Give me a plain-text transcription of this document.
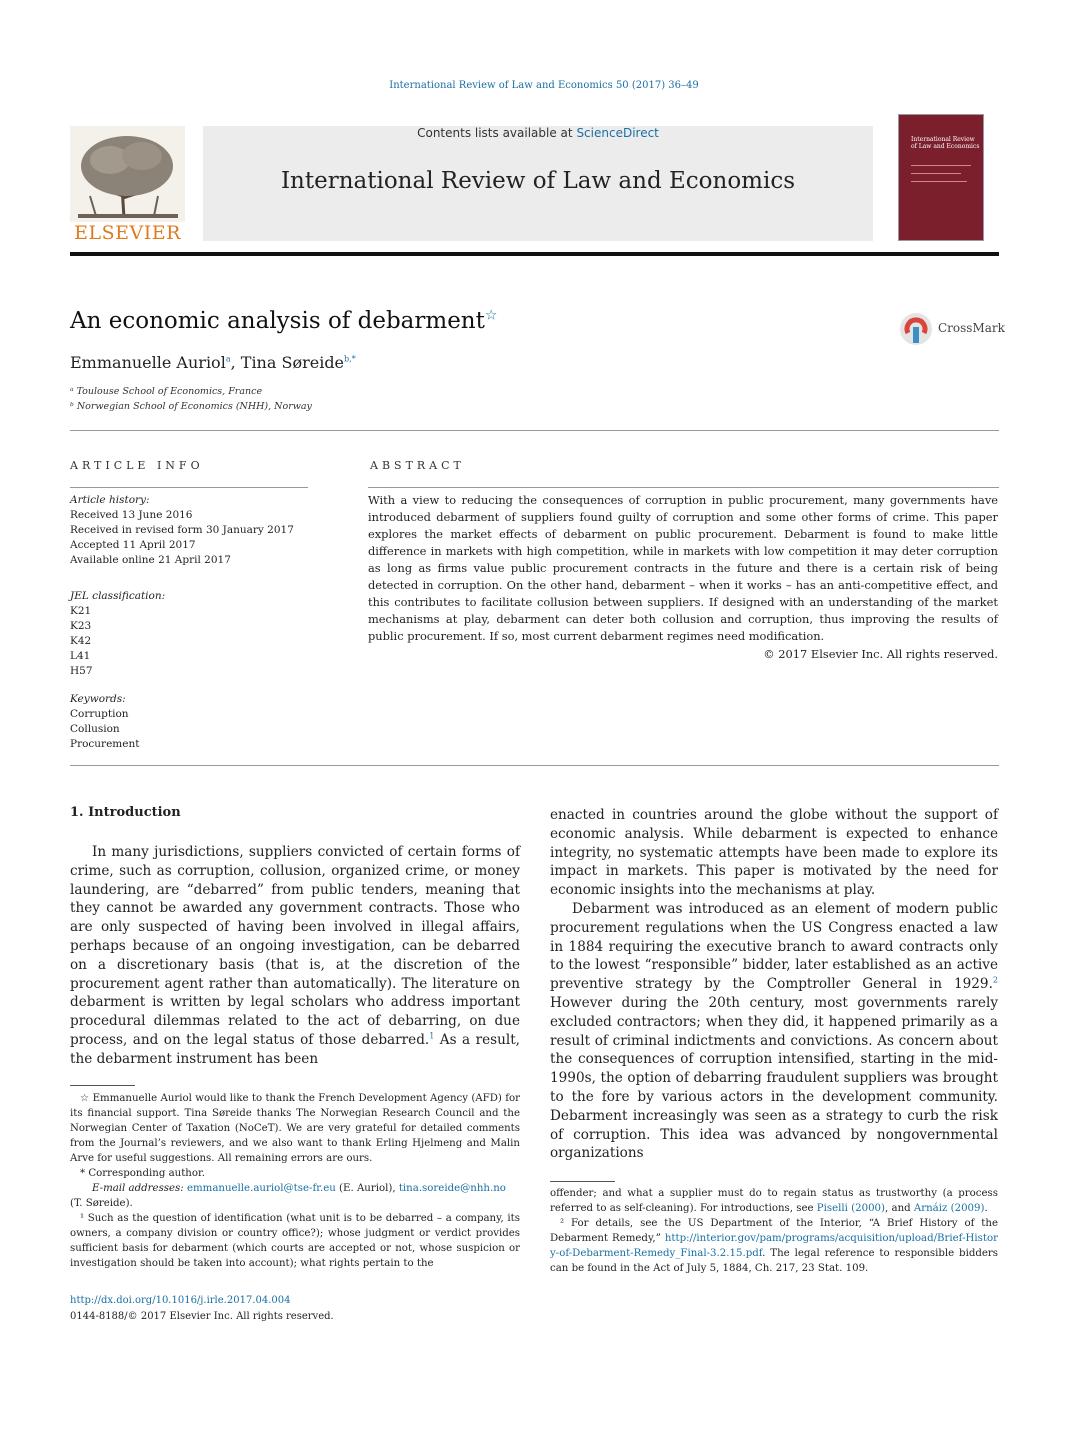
International Review of Law and Economics 50 (2017) 36–49
ELSEVIER
Contents lists available at ScienceDirect
International Review of Law and Economics
International Review of Law and Economics
An economic analysis of debarment☆
CrossMark
Emmanuelle Auriol$^a$, Tina Søreide$^{b,*}$
ᵃ Toulouse School of Economics, France
ᵇ Norwegian School of Economics (NHH), Norway
ARTICLE INFO
Article history:
Received 13 June 2016
Received in revised form 30 January 2017
Accepted 11 April 2017
Available online 21 April 2017
JEL classification:
K21
K23
K42
L41
H57
Keywords:
Corruption
Collusion
Procurement
ABSTRACT
With a view to reducing the consequences of corruption in public procurement, many governments have introduced debarment of suppliers found guilty of corruption and some other forms of crime. This paper explores the market effects of debarment on public procurement. Debarment is found to make little difference in markets with high competition, while in markets with low competition it may deter corruption as long as firms value public procurement contracts in the future and there is a certain risk of being detected in corruption. On the other hand, debarment – when it works – has an anti-competitive effect, and this contributes to facilitate collusion between suppliers. If designed with an understanding of the market mechanisms at play, debarment can deter both collusion and corruption, thus improving the results of public procurement. If so, most current debarment regimes need modification.
© 2017 Elsevier Inc. All rights reserved.
1. Introduction

In many jurisdictions, suppliers convicted of certain forms of crime, such as corruption, collusion, organized crime, or money laundering, are “debarred” from public tenders, meaning that they cannot be awarded any government contracts. Those who are only suspected of having been involved in illegal affairs, perhaps because of an ongoing investigation, can be debarred on a discretionary basis (that is, at the discretion of the procurement agent rather than automatically). The literature on debarment is written by legal scholars who address important procedural dilemmas related to the act of debarring, on due process, and on the legal status of those debarred.$^1$ As a result, the debarment instrument has been

enacted in countries around the globe without the support of economic analysis. While debarment is expected to enhance integrity, no systematic attempts have been made to explore its impact in markets. This paper is motivated by the need for economic insights into the mechanisms at play.

Debarment was introduced as an element of modern public procurement regulations when the US Congress enacted a law in 1884 requiring the executive branch to award contracts only to the lowest “responsible” bidder, later established as an active preventive strategy by the Comptroller General in 1929.$^2$ However during the 20th century, most governments rarely excluded contractors; when they did, it happened primarily as a result of criminal indictments and convictions. As concern about the consequences of corruption intensified, starting in the mid-1990s, the option of debarring fraudulent suppliers was brought to the fore by various actors in the development community. Debarment increasingly was seen as a strategy to curb the risk of corruption. This idea was advanced by nongovernmental organizations

☆ Emmanuelle Auriol would like to thank the French Development Agency (AFD) for its financial support. Tina Søreide thanks The Norwegian Research Council and the Norwegian Center of Taxation (NoCeT). We are very grateful for detailed comments from the Journal’s reviewers, and we also want to thank Erling Hjelmeng and Malin Arve for useful suggestions. All remaining errors are ours.

* Corresponding author.

E-mail addresses: emmanuelle.auriol@tse-fr.eu (E. Auriol), tina.soreide@nhh.no
(T. Søreide).

¹ Such as the question of identification (what unit is to be debarred – a company, its owners, a company division or country office?); whose judgment or verdict provides sufficient basis for debarment (which courts are accepted or not, whose suspicion or investigation should be taken into account); what rights pertain to the

offender; and what a supplier must do to regain status as trustworthy (a process referred to as self-cleaning). For introductions, see Piselli (2000), and Arnáiz (2009).

² For details, see the US Department of the Interior, “A Brief History of the Debarment Remedy,” http://interior.gov/pam/programs/acquisition/upload/Brief-History-of-Debarment-Remedy_Final-3.2.15.pdf. The legal reference to responsible bidders can be found in the Act of July 5, 1884, Ch. 217, 23 Stat. 109.

http://dx.doi.org/10.1016/j.irle.2017.04.004
0144-8188/© 2017 Elsevier Inc. All rights reserved.
